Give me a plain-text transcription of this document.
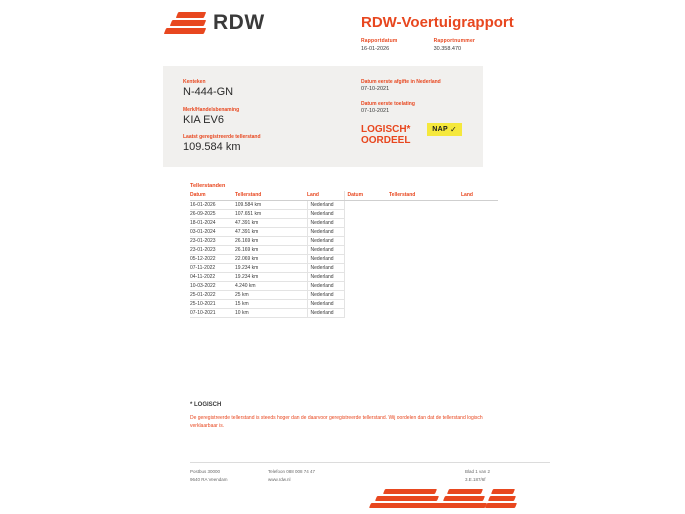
RDW	RDW-Voertuigrapport
Rapportdatum
16-01-2026
Rapportnummer
30.358.470
Kenteken
N-444-GN
Merk/Handelsbenaming
KIA EV6
Datum eerste afgifte in Nederland
07-10-2021
Datum eerste toelating
07-10-2021
Laatst geregistreerde tellerstand
109.584 km
LOGISCH*
OORDEEL
NAP ✓
Tellerstanden
Datum	Tellerstand	Land	Datum	Tellerstand	Land
16-01-2026	109.584 km	Nederland			
26-09-2025	107.651 km	Nederland			
18-01-2024	47.391 km	Nederland			
03-01-2024	47.391 km	Nederland			
23-01-2023	26.169 km	Nederland			
23-01-2023	26.169 km	Nederland			
05-12-2022	22.069 km	Nederland			
07-11-2022	19.234 km	Nederland			
04-11-2022	19.234 km	Nederland			
10-03-2022	4.240 km	Nederland			
25-01-2022	25 km	Nederland			
25-10-2021	15 km	Nederland			
07-10-2021	10 km	Nederland			
* LOGISCH
De geregistreerde tellerstand is steeds hoger dan de daarvoor geregistreerde tellerstand. Wij oordelen dan dat de tellerstand logisch verklaarbaar is.
Postbus 30000
9640 RA Veendam
Telefoon 088 008 74 47
www.rdw.nl
Blad 1 van 2
3.E.187/6f
